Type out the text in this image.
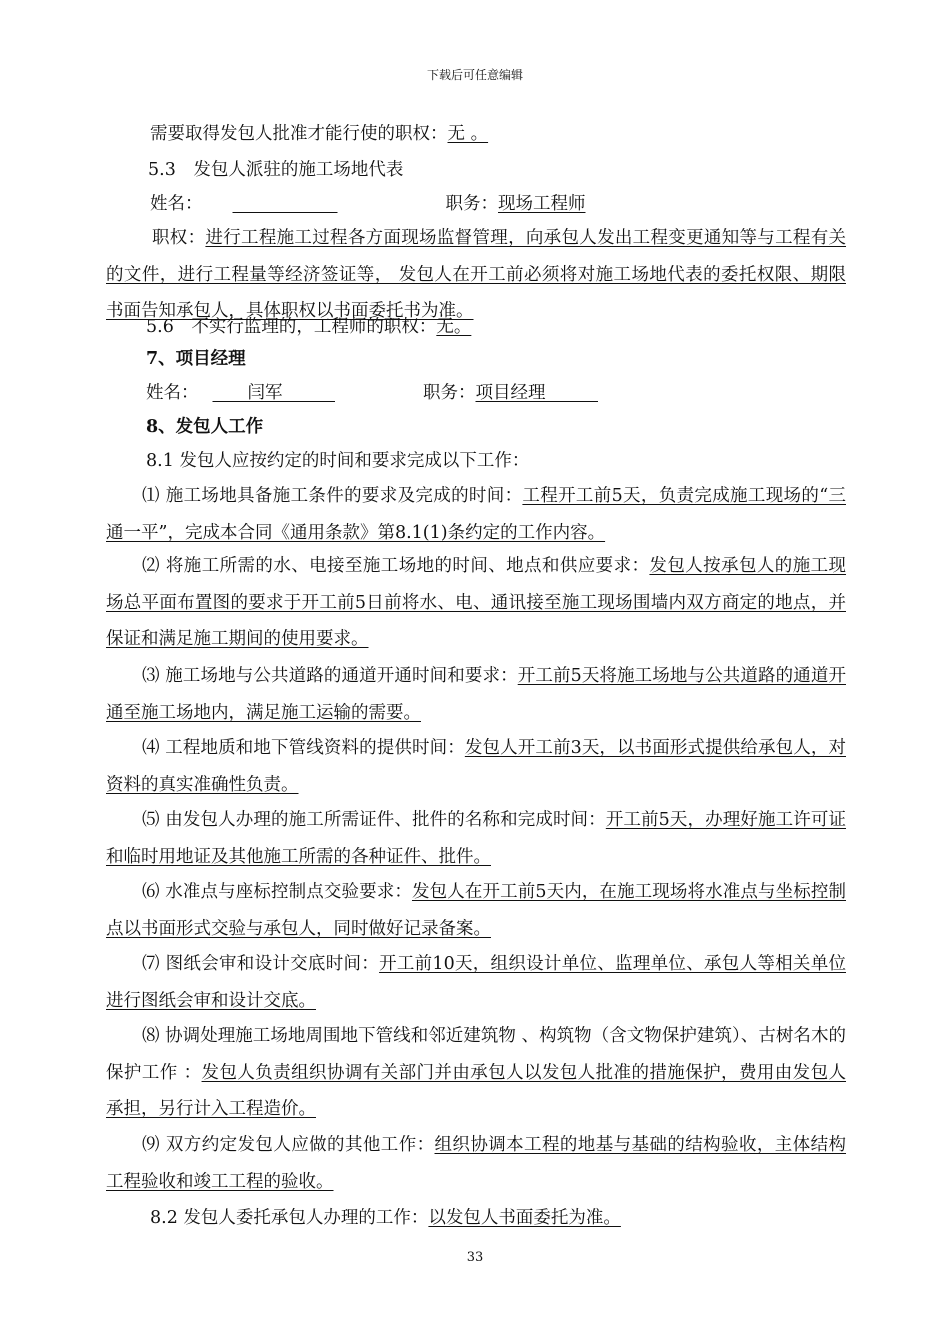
下载后可任意编辑
需要取得发包人批准才能行使的职权：无 。
5.3　发包人派驻的施工场地代表
姓名：　　　　　　	职务：现场工程师
职权：进行工程施工过程各方面现场监督管理，向承包人发出工程变更通知等与工程有关的文件，进行工程量等经济签证等， 发包人在开工前必须将对施工场地代表的委托权限、期限书面告知承包人，具体职权以书面委托书为准。
5.6　不实行监理的，工程师的职权：无。
7、项目经理
姓名：　　闫军　　　	职务：项目经理　　　
8、发包人工作
8.1 发包人应按约定的时间和要求完成以下工作：
⑴ 施工场地具备施工条件的要求及完成的时间：工程开工前5天，负责完成施工现场的“三通一平”，完成本合同《通用条款》第8.1(1)条约定的工作内容。
⑵ 将施工所需的水、电接至施工场地的时间、地点和供应要求：发包人按承包人的施工现场总平面布置图的要求于开工前5日前将水、电、通讯接至施工现场围墙内双方商定的地点，并保证和满足施工期间的使用要求。
⑶ 施工场地与公共道路的通道开通时间和要求：开工前5天将施工场地与公共道路的通道开通至施工场地内，满足施工运输的需要。
⑷ 工程地质和地下管线资料的提供时间：发包人开工前3天，以书面形式提供给承包人，对资料的真实准确性负责。
⑸ 由发包人办理的施工所需证件、批件的名称和完成时间：开工前5天，办理好施工许可证和临时用地证及其他施工所需的各种证件、批件。
⑹ 水准点与座标控制点交验要求：发包人在开工前5天内，在施工现场将水准点与坐标控制点以书面形式交验与承包人，同时做好记录备案。
⑺ 图纸会审和设计交底时间：开工前10天，组织设计单位、监理单位、承包人等相关单位进行图纸会审和设计交底。
⑻ 协调处理施工场地周围地下管线和邻近建筑物 、构筑物（含文物保护建筑）、古树名木的保护工作 ：发包人负责组织协调有关部门并由承包人以发包人批准的措施保护，费用由发包人承担，另行计入工程造价。
⑼ 双方约定发包人应做的其他工作：组织协调本工程的地基与基础的结构验收，主体结构工程验收和竣工工程的验收。
8.2 发包人委托承包人办理的工作：以发包人书面委托为准。
33
